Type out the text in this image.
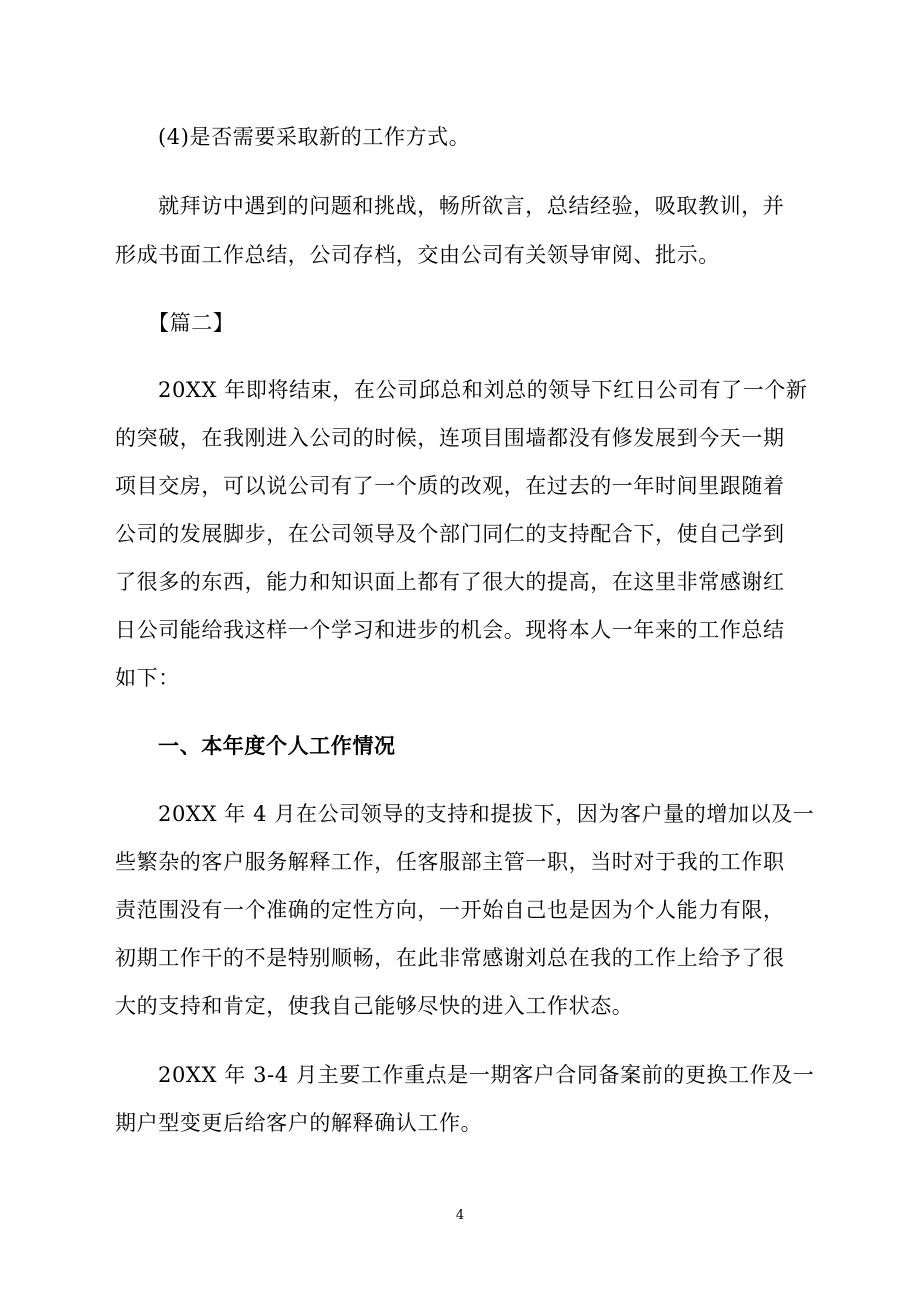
(4)是否需要采取新的工作方式。
就拜访中遇到的问题和挑战，畅所欲言，总结经验，吸取教训，并
形成书面工作总结，公司存档，交由公司有关领导审阅、批示。
【篇二】
20XX 年即将结束，在公司邱总和刘总的领导下红日公司有了一个新
的突破，在我刚进入公司的时候，连项目围墙都没有修发展到今天一期
项目交房，可以说公司有了一个质的改观，在过去的一年时间里跟随着
公司的发展脚步，在公司领导及个部门同仁的支持配合下，使自己学到
了很多的东西，能力和知识面上都有了很大的提高，在这里非常感谢红
日公司能给我这样一个学习和进步的机会。现将本人一年来的工作总结
如下：
一、本年度个人工作情况
20XX 年 4 月在公司领导的支持和提拔下，因为客户量的增加以及一
些繁杂的客户服务解释工作，任客服部主管一职，当时对于我的工作职
责范围没有一个准确的定性方向，一开始自己也是因为个人能力有限，
初期工作干的不是特别顺畅，在此非常感谢刘总在我的工作上给予了很
大的支持和肯定，使我自己能够尽快的进入工作状态。
20XX 年 3-4 月主要工作重点是一期客户合同备案前的更换工作及一
期户型变更后给客户的解释确认工作。
4
